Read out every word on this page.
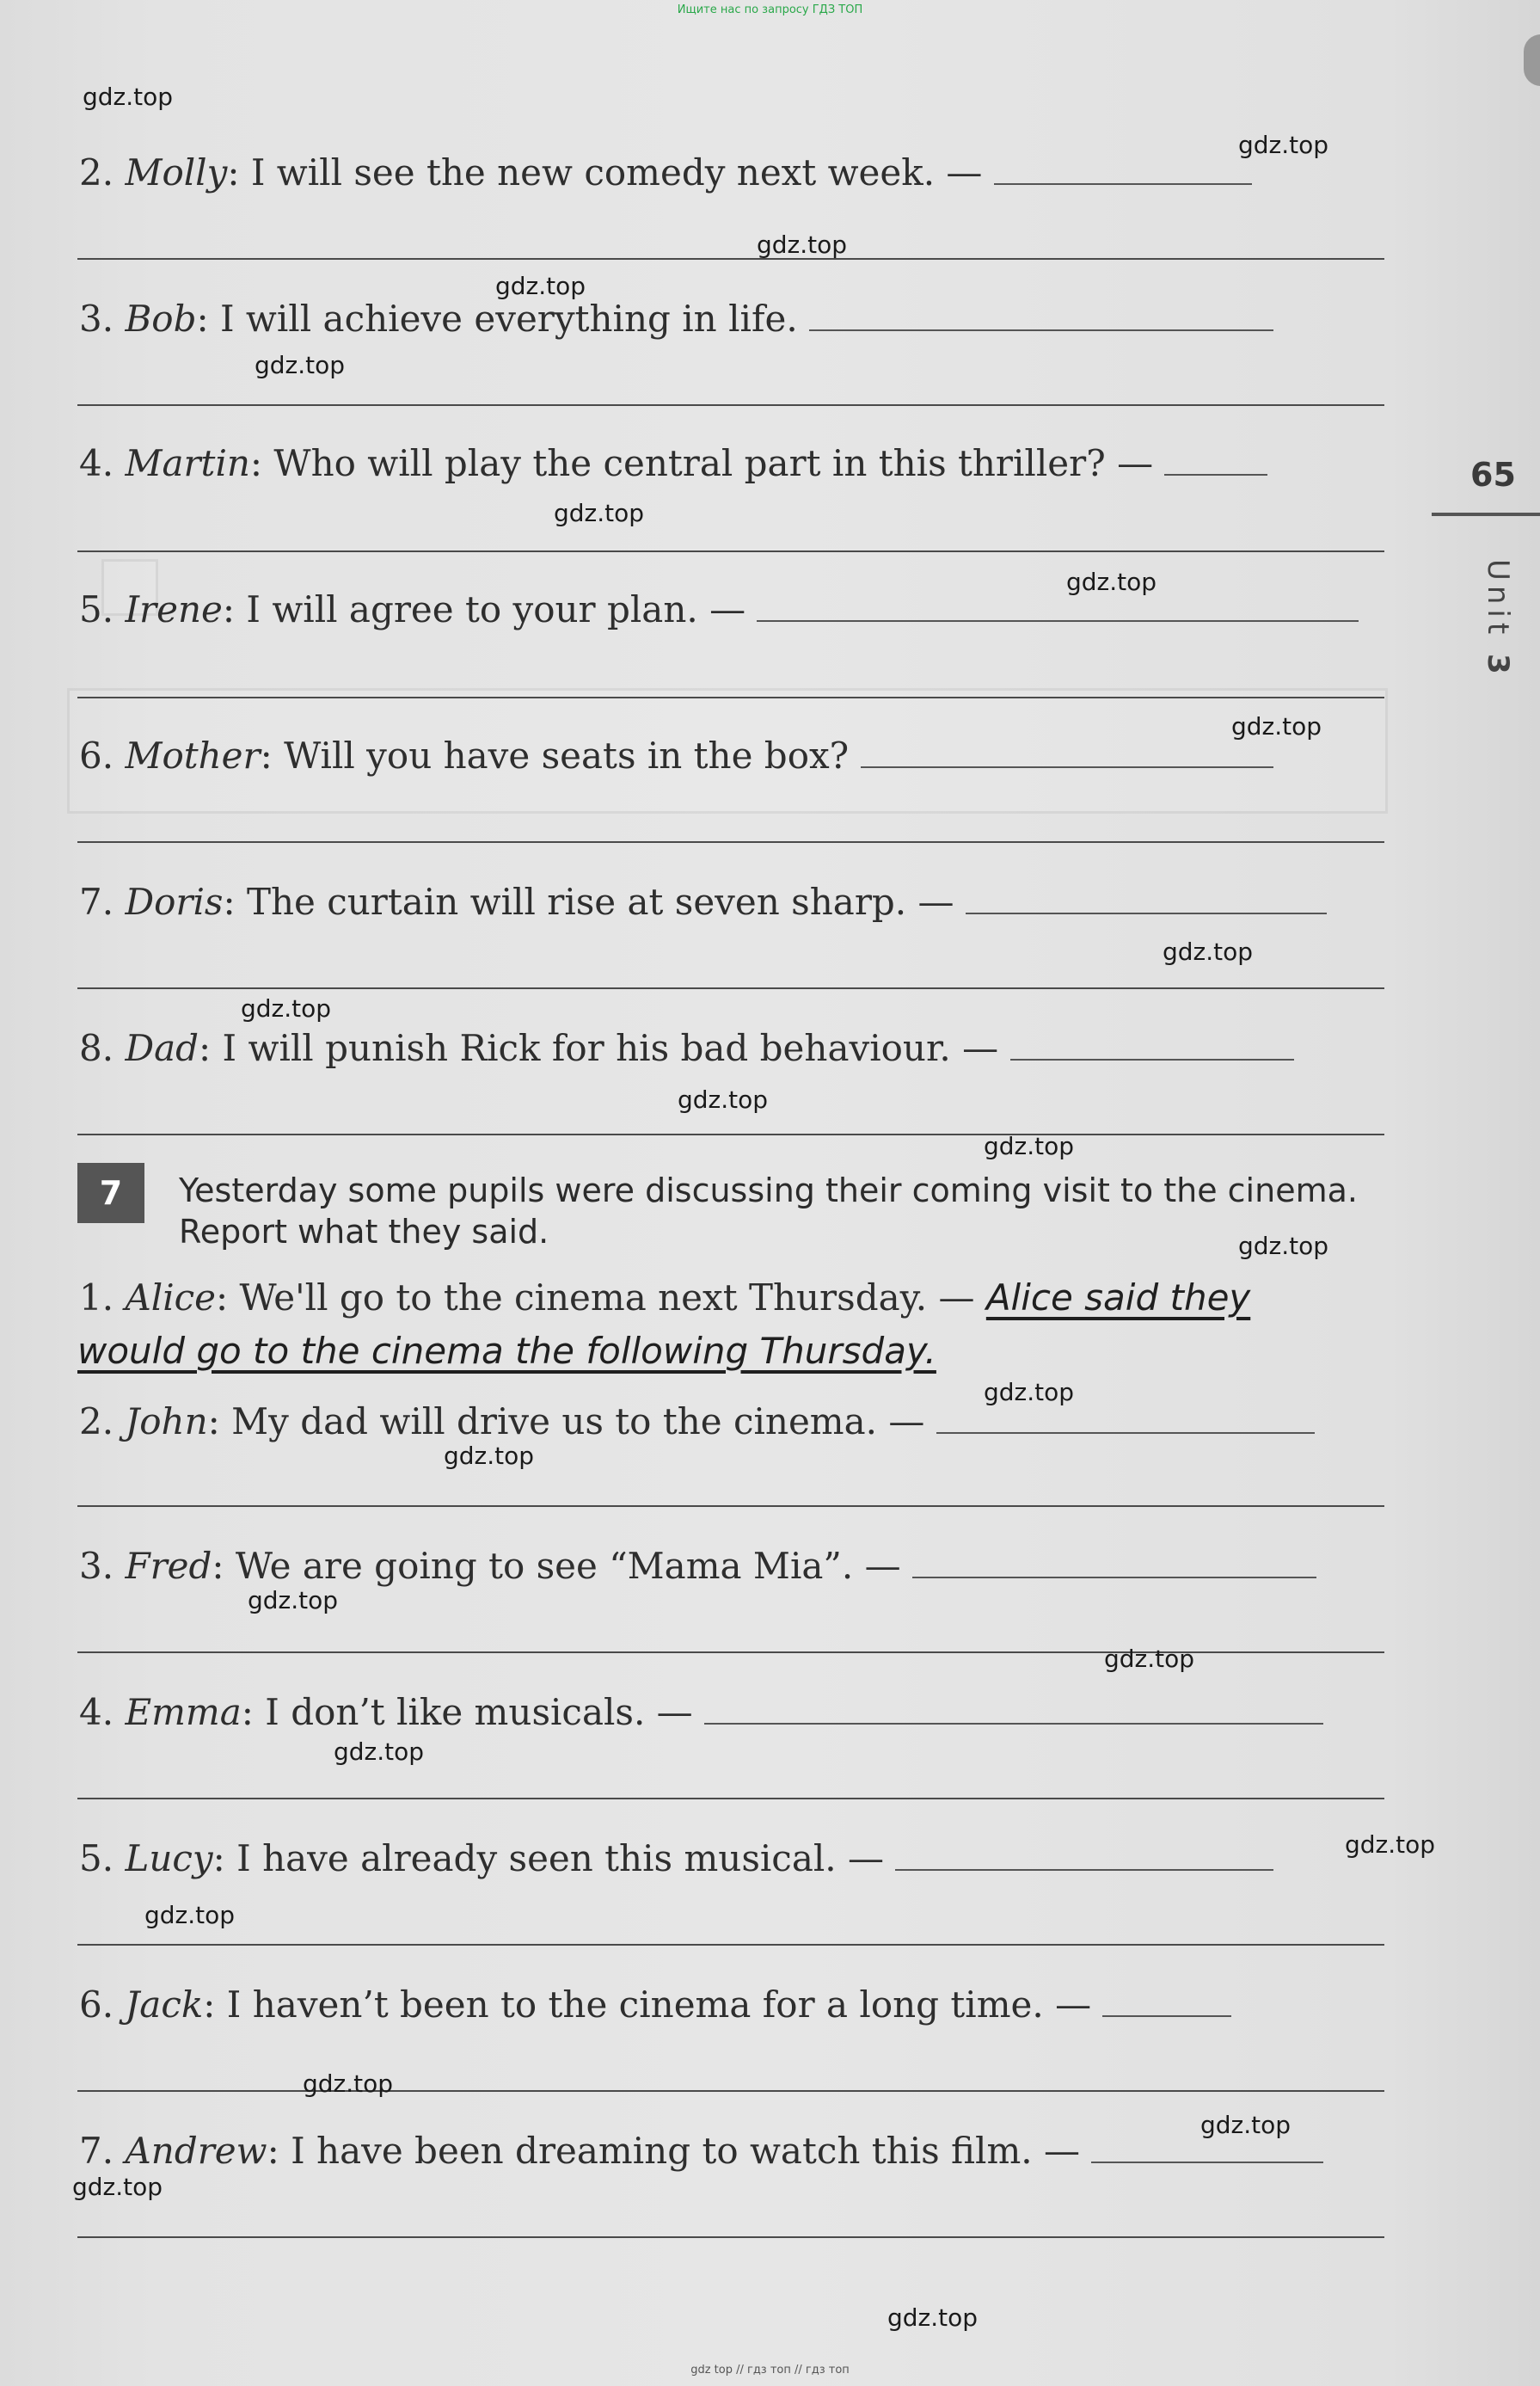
Ищите нас по запросу ГДЗ ТОП
65
Unit 3
2. Molly: I will see the new comedy next week. —
3. Bob: I will achieve everything in life.
4. Martin: Who will play the central part in this thriller? —
5. Irene: I will agree to your plan. —
6. Mother: Will you have seats in the box?
7. Doris: The curtain will rise at seven sharp. —
8. Dad: I will punish Rick for his bad behaviour. —
7	Yesterday some pupils were discussing their coming visit to the cinema.
Report what they said.
1. Alice: We'll go to the cinema next Thursday. — Alice said they
would go to the cinema the following Thursday.
2. John: My dad will drive us to the cinema. —
3. Fred: We are going to see “Mama Mia”. —
4. Emma: I don’t like musicals. —
5. Lucy: I have already seen this musical. —
6. Jack: I haven’t been to the cinema for a long time. —
7. Andrew: I have been dreaming to watch this film. —
gdz.top
gdz.top
gdz.top
gdz.top
gdz.top
gdz.top
gdz.top
gdz.top
gdz.top
gdz.top
gdz.top
gdz.top
gdz.top
gdz.top
gdz.top
gdz.top
gdz.top
gdz.top
gdz.top
gdz.top
gdz.top
gdz.top
gdz.top
gdz.top
gdz top // гдз топ // гдз топ
